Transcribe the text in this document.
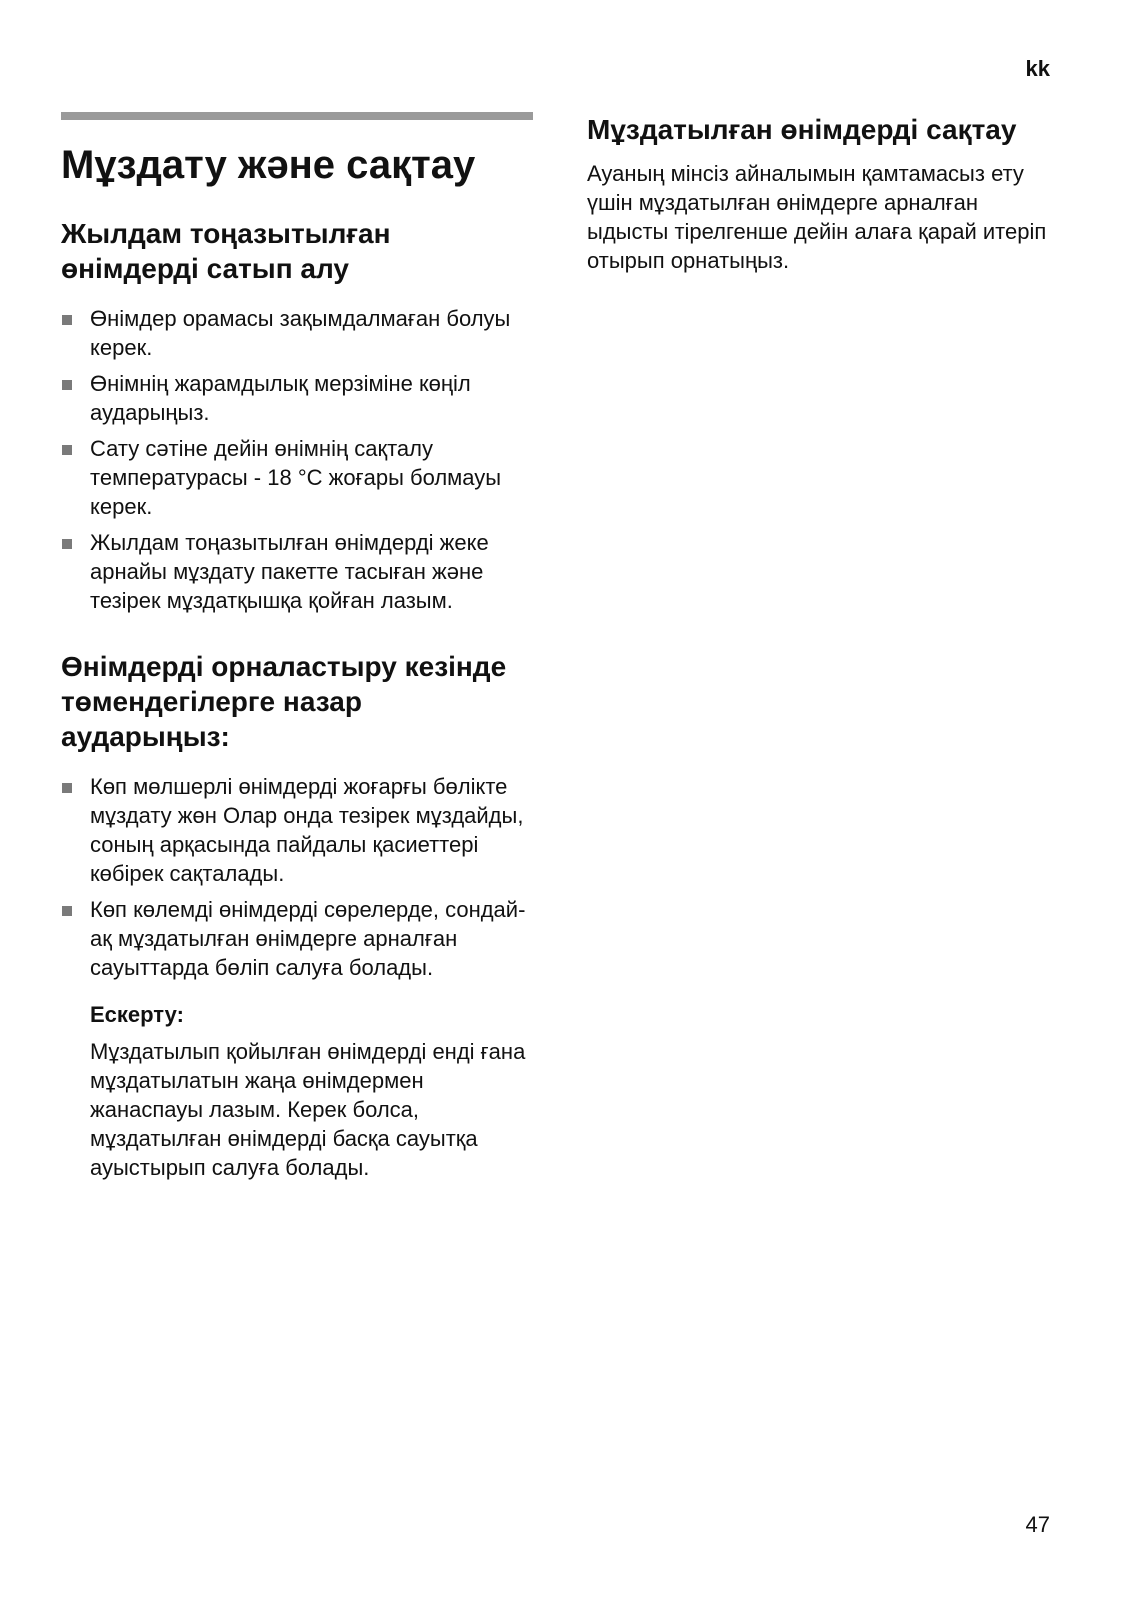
kk
Мұздату және сақтау
Жылдам тоңазытылған өнімдерді сатып алу
Өнімдер орамасы зақымдалмаған болуы керек.
Өнімнің жарамдылық мерзіміне көңіл аударыңыз.
Сату сәтіне дейін өнімнің сақталу температурасы - 18 °C жоғары болмауы керек.
Жылдам тоңазытылған өнімдерді жеке арнайы мұздату пакетте тасыған және тезірек мұздатқышқа қойған лазым.
Өнімдерді орналастыру кезінде төмендегілерге назар аударыңыз:
Көп мөлшерлі өнімдерді жоғарғы бөлікте мұздату жөн Олар онда тезірек мұздайды, соның арқасында пайдалы қасиеттері көбірек сақталады.
Көп көлемді өнімдерді сөрелерде, сондай-ақ мұздатылған өнімдерге арналған сауыттарда бөліп салуға болады.
Ескерту:
Мұздатылып қойылған өнімдерді енді ғана мұздатылатын жаңа өнімдермен жанаспауы лазым. Керек болса, мұздатылған өнімдерді басқа сауытқа ауыстырып салуға болады.
Мұздатылған өнімдерді сақтау

Ауаның мінсіз айналымын қамтамасыз ету үшін мұздатылған өнімдерге арналған ыдысты тірелгенше дейін алаға қарай итеріп отырып орнатыңыз.

47
